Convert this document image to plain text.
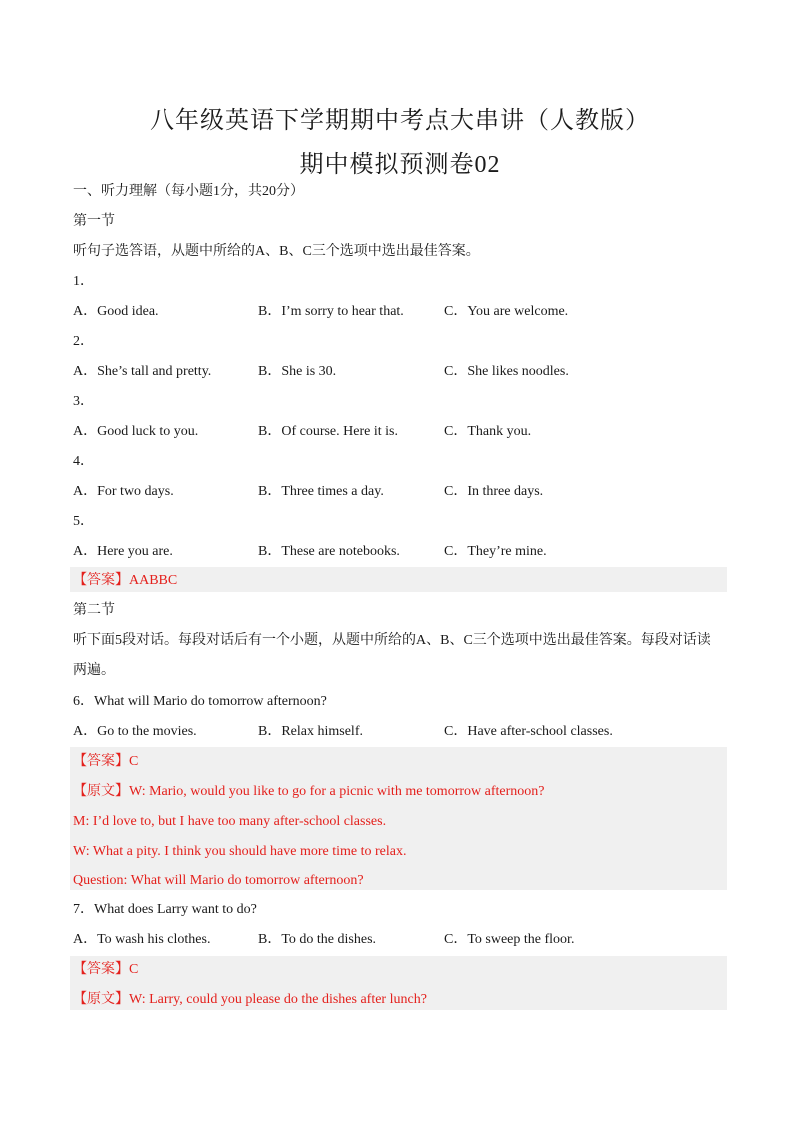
八年级英语下学期期中考点大串讲（人教版）
期中模拟预测卷02
一、听力理解（每小题1分，共20分）
第一节
听句子选答语，从题中所给的A、B、C三个选项中选出最佳答案。
1．
A．Good idea.	B．I’m sorry to hear that.	C．You are welcome.
2．
A．She’s tall and pretty.	B．She is 30.	C．She likes noodles.
3．
A．Good luck to you.	B．Of course. Here it is.	C．Thank you.
4．
A．For two days.	B．Three times a day.	C．In three days.
5．
A．Here you are.	B．These are notebooks.	C．They’re mine.
【答案】AABBC
第二节
听下面5段对话。每段对话后有一个小题，从题中所给的A、B、C三个选项中选出最佳答案。每段对话读
两遍。
6．What will Mario do tomorrow afternoon?
A．Go to the movies.	B．Relax himself.	C．Have after-school classes.
【答案】C
【原文】W: Mario, would you like to go for a picnic with me tomorrow afternoon?
M: I’d love to, but I have too many after-school classes.
W: What a pity. I think you should have more time to relax.
Question: What will Mario do tomorrow afternoon?
7．What does Larry want to do?
A．To wash his clothes.	B．To do the dishes.	C．To sweep the floor.
【答案】C
【原文】W: Larry, could you please do the dishes after lunch?
